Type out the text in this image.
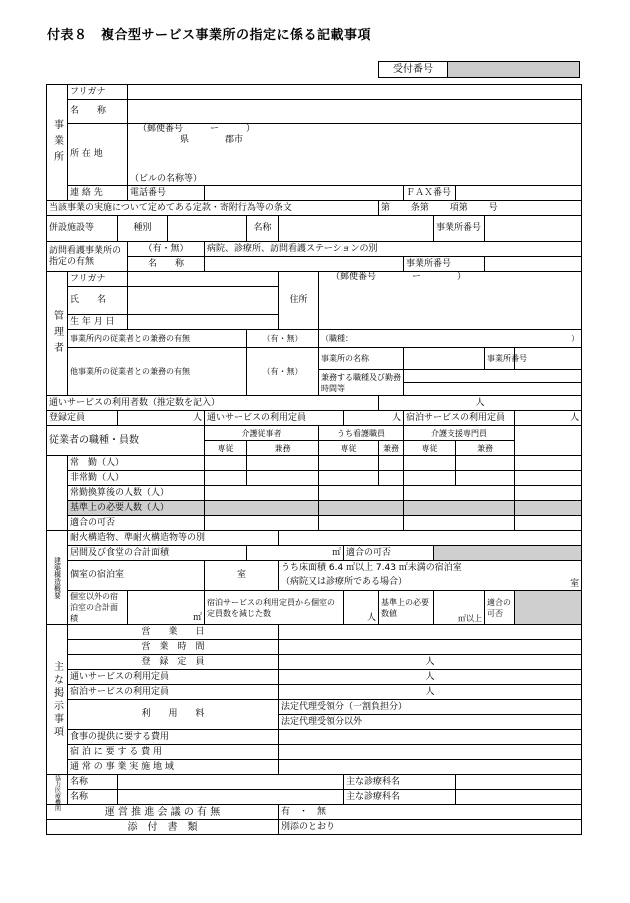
付表８　複合型サービス事業所の指定に係る記載事項
受付番号
事業所	フリガナ														
	名　　称														
	所 在 地		（郵便番号　　　ー　　　）
県　　　　郡市												

			（ビルの名称等）												

	連 絡 先		電話番号								ＦＡＸ番号				
当該事業の実施について定めてある定款・寄附行為等の条文										第 条第 項第 号					
併設施設等		種別				名称						事業所番号			
訪問看護事業所の指定の有無			（有・無）		病院、診療所、訪問看護ステーションの別										
			名　　称								事業所番号				
管理者	フリガナ						住所	（郵便番号　　　　ー　　　　）							

	氏　　名														
	生 年 月 日														
	事業所内の従業者との兼務の有無					（有・無）		（職種： ）							

	他事業所の従業者との兼務の有無					（有・無）		事業所の名称						事業所番号	
								兼務する職種及び勤務時間等							

通いサービスの利用者数（推定数を記入）										人					
登録定員		人			通いサービスの利用定員				人		宿泊サービスの利用定員				人
従業者の職種・員数					介護従事者			うち看護職員			介護支援専門員				
					専従	兼務		専従		兼務	専従		兼務		
	常　勤（人）														
	非常勤（人）														
	常勤換算後の人数（人）														
	基準上の必要人数（人）														
	適合の可否														
建築構造概要	耐火構造物、準耐火構造物等の別														
	居間及び食堂の合計面積					㎡			適合の可否						
	個室の宿泊室				室		うち床面積 6.4 ㎡以上 7.43 ㎡未満の宿泊室								
							（病院又は診療所である場合）							室	
	個室以外の宿泊室の合計面積		㎡		宿泊サービスの利用定員から個室の定員数を減じた数				人	基準上の必要数値		㎡以上		適合の可否	
主な掲示事項	営　　業　　日														
	営　業　時　間														
	登　録　定　員						人								
	通いサービスの利用定員						人								
	宿泊サービスの利用定員						人								
	利　　用　　料						法定代理受領分（一割負担分）								
							法定代理受領分以外								
	食事の提供に要する費用														
	宿 泊 に 要 す る 費 用														
	通 常 の 事 業 実 施 地 域														

協力医療機関	名称								主な診療科名						
	名称								主な診療科名						
運 営 推 進 会 議 の 有 無							有　・　無								
添　付　書　類							別添のとおり								
